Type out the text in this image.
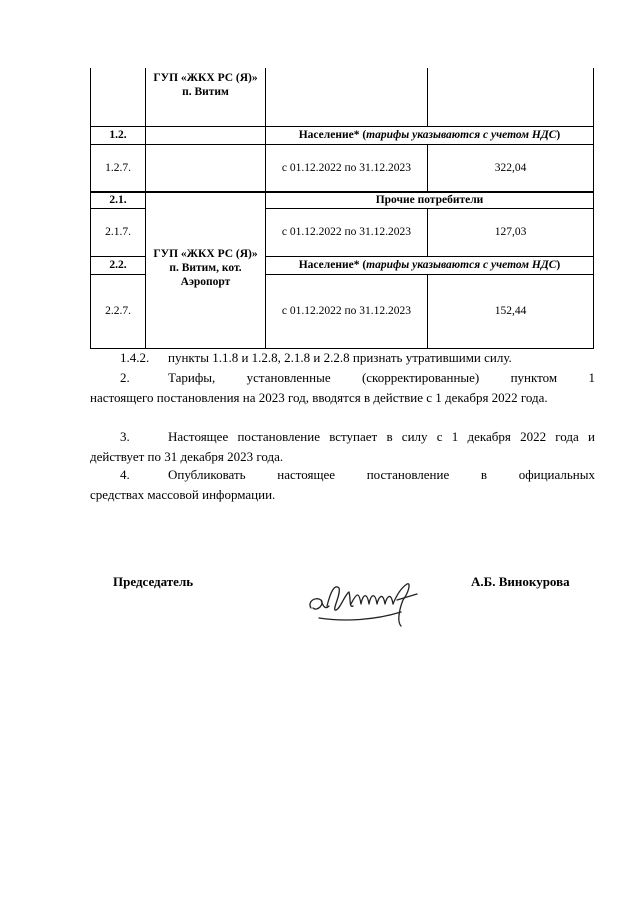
ГУП «ЖКХ РС (Я)» п. Витим
ГУП «ЖКХ РС (Я)» п. Витим, кот. Аэропорт
1.2.	Население* ( тарифы указываются с учетом НДС )
1.2.7.	с 01.12.2022 по 31.12.2023	322,04
2.1.	Прочие потребители
2.1.7.	с 01.12.2022 по 31.12.2023	127,03
2.2.	Население* ( тарифы указываются с учетом НДС )
2.2.7.	с 01.12.2022 по 31.12.2023	152,44
1.4.2. пункты 1.1.8 и 1.2.8, 2.1.8 и 2.2.8 признать утратившими силу.
2.	Тарифы, установленные (скорректированные) пунктом 1
настоящего постановления на 2023 год, вводятся в действие с 1 декабря 2022 года.
3.	Настоящее постановление вступает в силу с 1 декабря 2022 года и
действует по 31 декабря 2023 года.
4.	Опубликовать настоящее постановление в официальных
средствах массовой информации.
Председатель	А.Б. Винокурова
